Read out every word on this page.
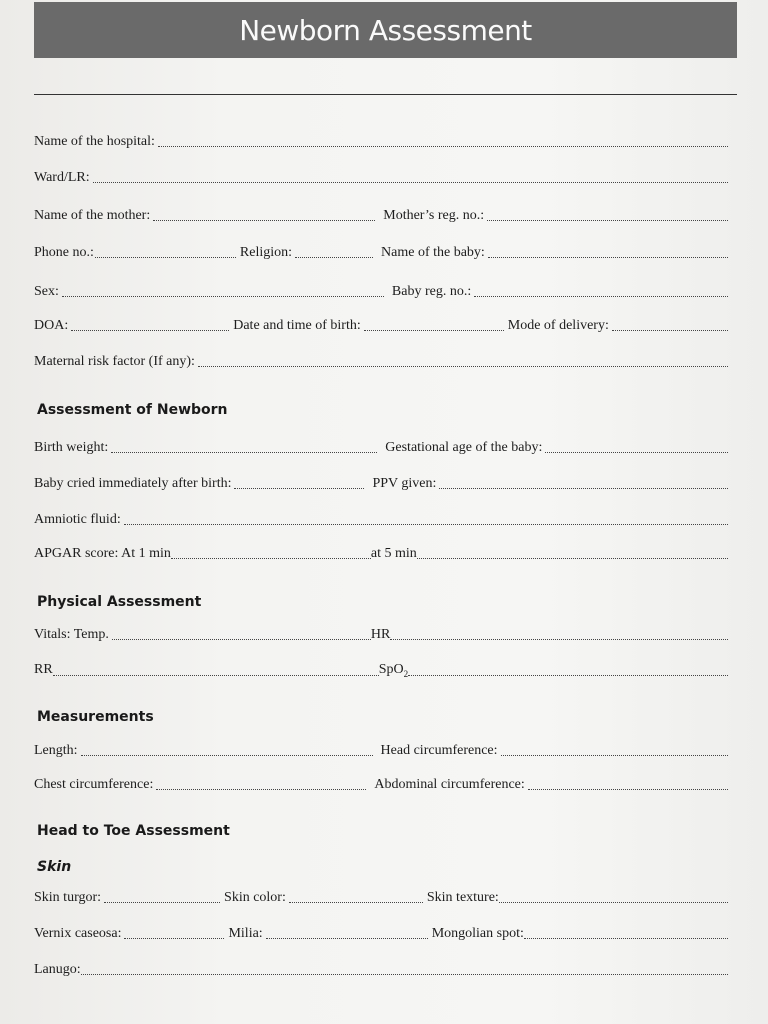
Newborn Assessment
Name of the hospital:
Ward/LR:
Name of the mother:	Mother’s reg. no.:
Phone no.:	Religion:	Name of the baby:
Sex:	Baby reg. no.:
DOA:	Date and time of birth:	Mode of delivery:
Maternal risk factor (If any):
Assessment of Newborn
Birth weight:	Gestational age of the baby:
Baby cried immediately after birth:	PPV given:
Amniotic fluid:
APGAR score: At 1 min	at 5 min
Physical Assessment
Vitals: Temp.	HR
RR	SpO$_2$
Measurements
Length:	Head circumference:
Chest circumference:	Abdominal circumference:
Head to Toe Assessment
Skin
Skin turgor:	Skin color:	Skin texture:
Vernix caseosa:	Milia:	Mongolian spot:
Lanugo:
